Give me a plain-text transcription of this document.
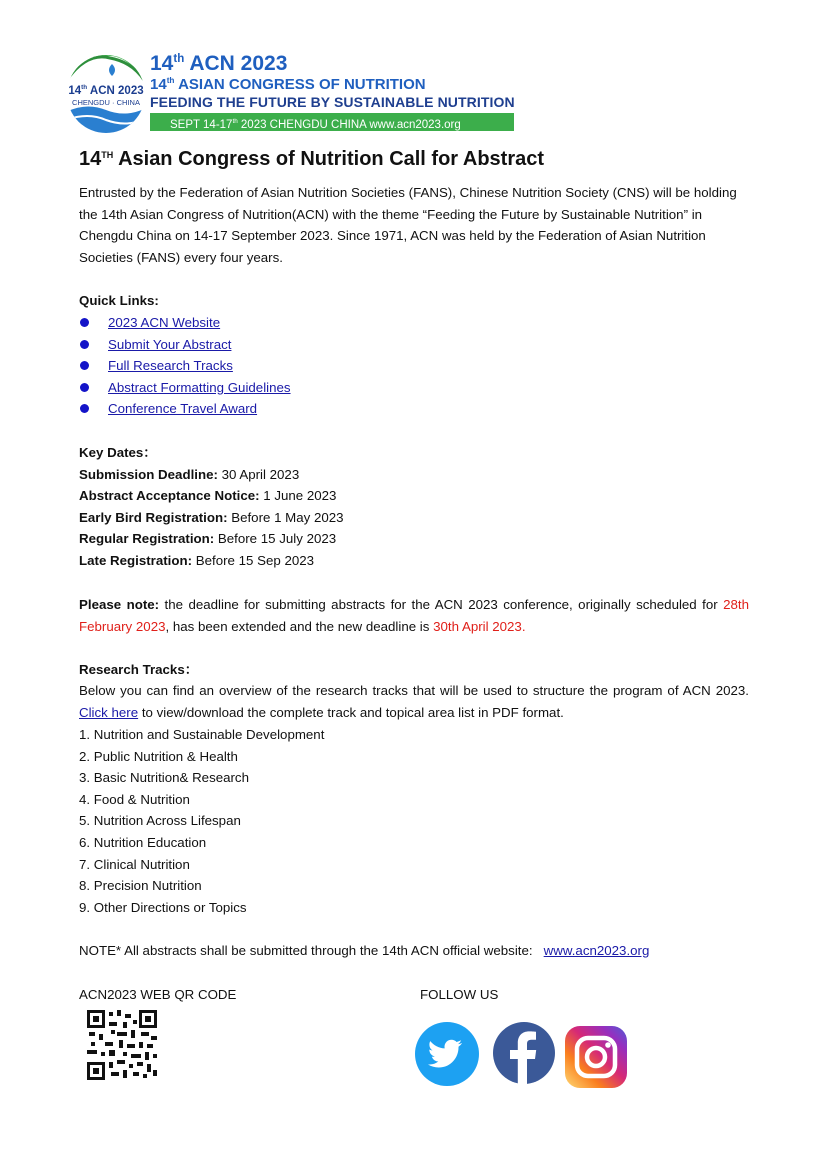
14th ACN 2023
CHENGDU · CHINA
14th ACN 2023
14th ASIAN CONGRESS OF NUTRITION
FEEDING THE FUTURE BY SUSTAINABLE NUTRITION
SEPT 14-17th 2023 CHENGDU CHINA www.acn2023.org
14TH Asian Congress of Nutrition Call for Abstract
Entrusted by the Federation of Asian Nutrition Societies (FANS), Chinese Nutrition Society (CNS) will be holding the 14th Asian Congress of Nutrition(ACN) with the theme “Feeding the Future by Sustainable Nutrition” in Chengdu China on 14-17 September 2023. Since 1971, ACN was held by the Federation of Asian Nutrition Societies (FANS) every four years.
Quick Links:
2023 ACN Website
Submit Your Abstract
Full Research Tracks
Abstract Formatting Guidelines
Conference Travel Award
Key Dates：
Submission Deadline: 30 April 2023
Abstract Acceptance Notice: 1 June 2023
Early Bird Registration: Before 1 May 2023
Regular Registration: Before 15 July 2023
Late Registration: Before 15 Sep 2023
Please note: the deadline for submitting abstracts for the ACN 2023 conference, originally scheduled for 28th February 2023, has been extended and the new deadline is 30th April 2023.
Research Tracks：
Below you can find an overview of the research tracks that will be used to structure the program of ACN 2023. Click here to view/download the complete track and topical area list in PDF format.
1. Nutrition and Sustainable Development
2. Public Nutrition & Health
3. Basic Nutrition& Research
4. Food & Nutrition
5. Nutrition Across Lifespan
6. Nutrition Education
7. Clinical Nutrition
8. Precision Nutrition
9. Other Directions or Topics
NOTE* All abstracts shall be submitted through the 14th ACN official website: www.acn2023.org
ACN2023 WEB QR CODE	FOLLOW US
